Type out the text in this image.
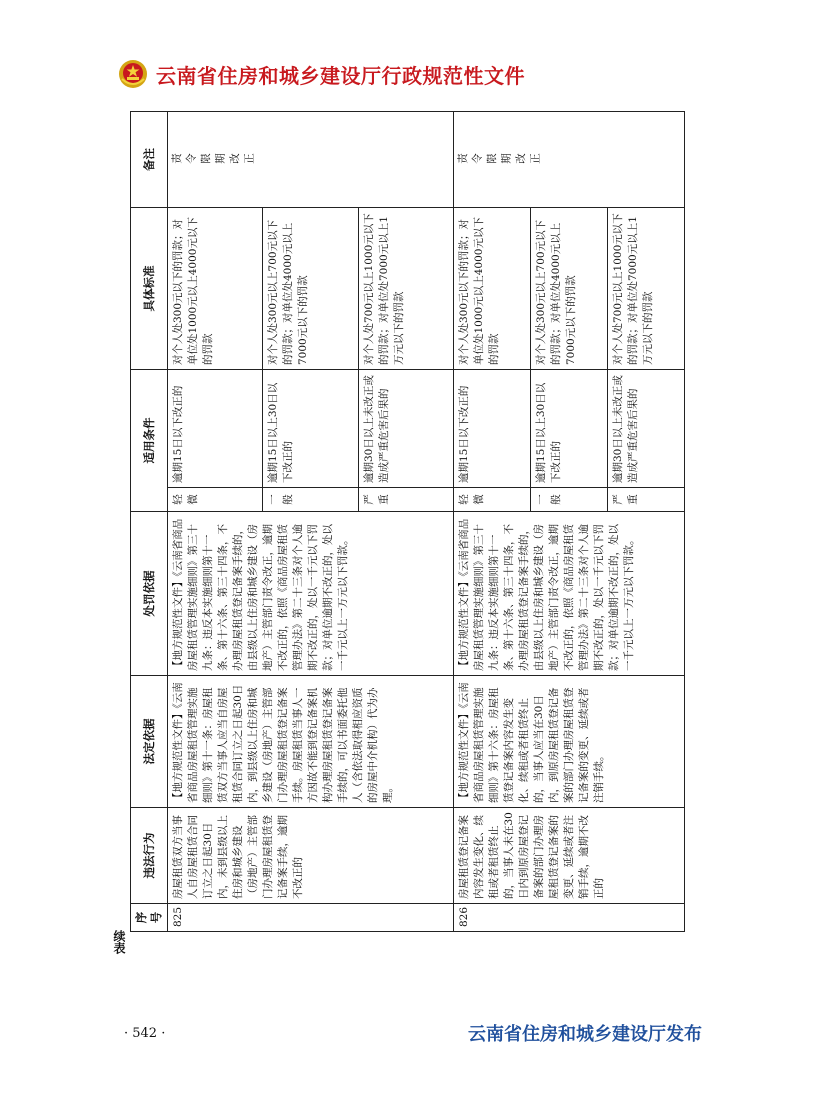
云南省住房和城乡建设厅行政规范性文件
序号	违法行为	法定依据	处罚依据	适用条件		具体标准	备注
825	房屋租赁双方当事人自房屋租赁合同订立之日起30日内，未到县级以上住房和城乡建设（房地产）主管部门办理房屋租赁登记备案手续，逾期不改正的	【地方规范性文件】《云南省商品房屋租赁管理实施细则》第十一条：房屋租赁双方当事人应当自房屋租赁合同订立之日起30日内，到县级以上住房和城乡建设（房地产）主管部门办理房屋租赁登记备案手续。房屋租赁当事人一方因故不能到登记备案机构办理房屋租赁登记备案手续的，可以书面委托他人（含依法取得相应资质的房屋中介机构）代为办理。	【地方规范性文件】《云南省商品房屋租赁管理实施细则》第三十九条：违反本实施细则第十一条、第十六条、第三十四条，不办理房屋租赁登记备案手续的，由县级以上住房和城乡建设（房地产）主管部门责令改正，逾期不改正的，依照《商品房屋租赁管理办法》第二十三条对个人逾期不改正的，处以一千元以下罚款；对单位逾期不改正的，处以一千元以上一万元以下罚款。	轻微	逾期15日以下改正的	对个人处300元以下的罚款；对单位处1000元以上4000元以下的罚款	责令限期改正
				一般	逾期15日以上30日以下改正的	对个人处300元以上700元以下的罚款；对单位处4000元以上7000元以下的罚款	
				严重	逾期30日以上未改正或造成严重危害后果的	对个人处700元以上1000元以下的罚款；对单位处7000元以上1万元以下的罚款	
826	房屋租赁登记备案内容发生变化、续租或者租赁终止的，当事人未在30日内到原房屋登记备案的部门办理房屋租赁登记备案的变更、延续或者注销手续，逾期不改正的	【地方规范性文件】《云南省商品房屋租赁管理实施细则》第十六条：房屋租赁登记备案内容发生变化、续租或者租赁终止的，当事人应当在30日内，到原房屋租赁登记备案的部门办理房屋租赁登记备案的变更、延续或者注销手续。	【地方规范性文件】《云南省商品房屋租赁管理实施细则》第三十九条：违反本实施细则第十一条、第十六条、第三十四条，不办理房屋租赁登记备案手续的，由县级以上住房和城乡建设（房地产）主管部门责令改正，逾期不改正的，依照《商品房屋租赁管理办法》第二十三条对个人逾期不改正的，处以一千元以下罚款；对单位逾期不改正的，处以一千元以上一万元以下罚款。	轻微	逾期15日以下改正的	对个人处300元以下的罚款；对单位处1000元以上4000元以下的罚款	责令限期改正
				一般	逾期15日以上30日以下改正的	对个人处300元以上700元以下的罚款；对单位处4000元以上7000元以下的罚款	
				严重	逾期30日以上未改正或造成严重危害后果的	对个人处700元以上1000元以下的罚款；对单位处7000元以上1万元以下的罚款	
续表
· 542 ·	云南省住房和城乡建设厅发布
